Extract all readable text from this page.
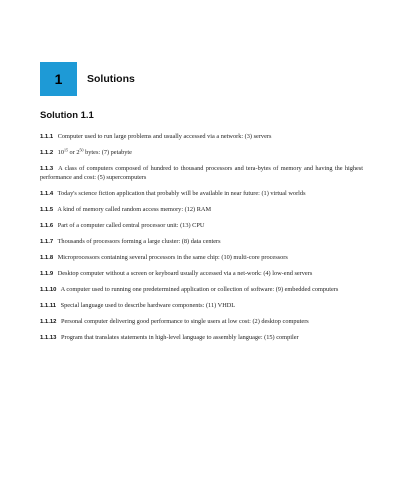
1	Solutions
Solution 1.1

1.1.1 Computer used to run large problems and usually accessed via a network: (3) servers

1.1.2 $10^{15}$ or $2^{50}$ bytes: (7) petabyte

1.1.3 A class of computers composed of hundred to thousand processors and tera-bytes of memory and having the highest performance and cost: (5) supercomputers

1.1.4 Today's science fiction application that probably will be available in near future: (1) virtual worlds

1.1.5 A kind of memory called random access memory: (12) RAM

1.1.6 Part of a computer called central processor unit: (13) CPU

1.1.7 Thousands of processors forming a large cluster: (8) data centers

1.1.8 Microprocessors containing several processors in the same chip: (10) multi-core processors

1.1.9 Desktop computer without a screen or keyboard usually accessed via a net-work: (4) low-end servers

1.1.10 A computer used to running one predetermined application or collection of software: (9) embedded computers

1.1.11 Special language used to describe hardware components: (11) VHDL

1.1.12 Personal computer delivering good performance to single users at low cost: (2) desktop computers

1.1.13 Program that translates statements in high-level language to assembly language: (15) compiler
